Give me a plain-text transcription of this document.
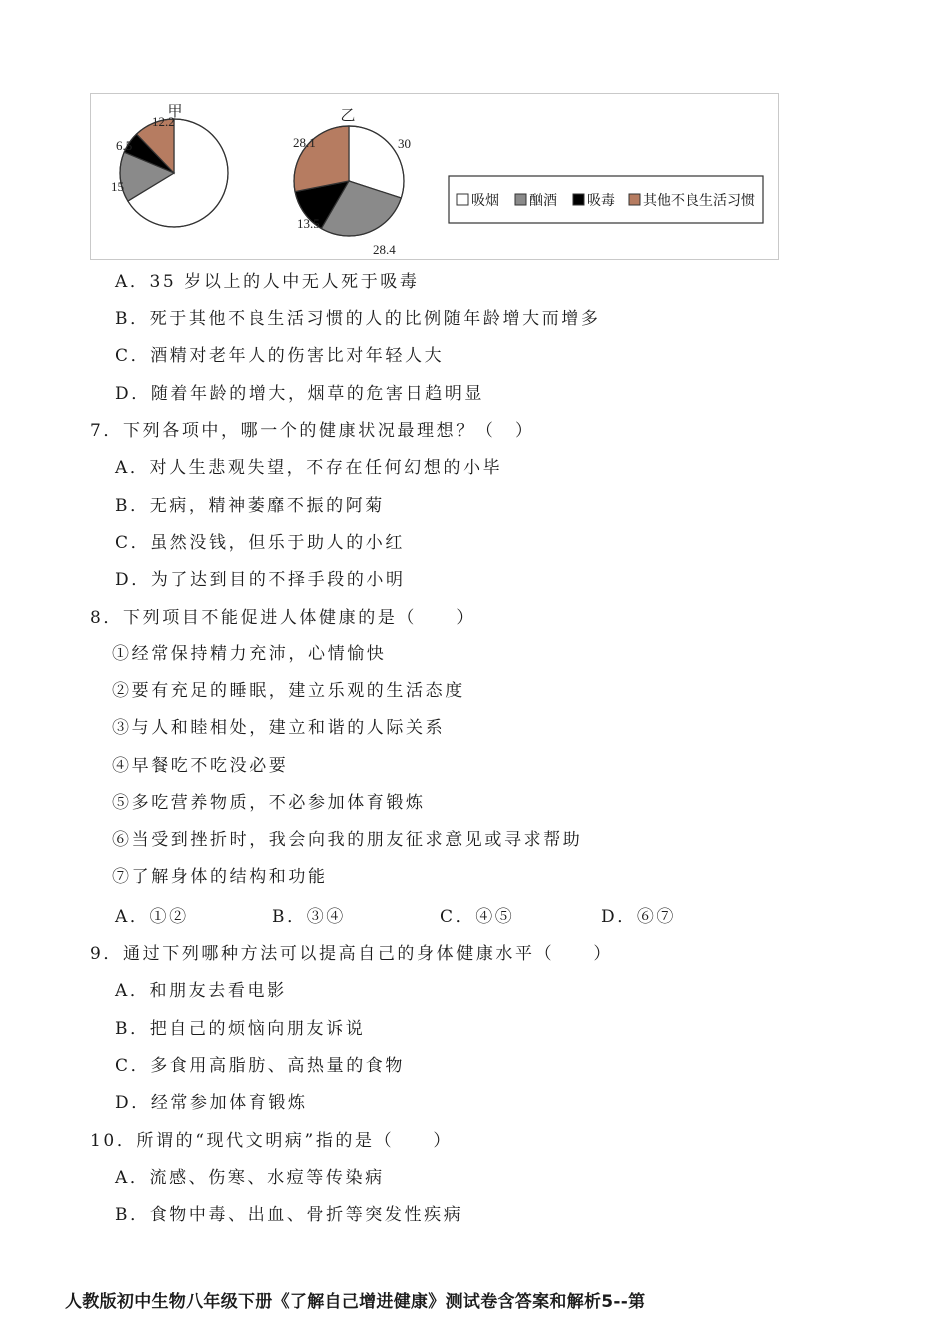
甲
15
6.5
12.2	乙
30
28.4
13.5
28.1
吸烟 酗酒 吸毒 其他不良生活习惯
A．35 岁以上的人中无人死于吸毒
B．死于其他不良生活习惯的人的比例随年龄增大而增多
C．酒精对老年人的伤害比对年轻人大
D．随着年龄的增大，烟草的危害日趋明显
7．下列各项中，哪一个的健康状况最理想？（　）
A．对人生悲观失望，不存在任何幻想的小毕
B．无病，精神萎靡不振的阿菊
C．虽然没钱，但乐于助人的小红
D．为了达到目的不择手段的小明
8．下列项目不能促进人体健康的是（　　）
①经常保持精力充沛，心情愉快
②要有充足的睡眠，建立乐观的生活态度
③与人和睦相处，建立和谐的人际关系
④早餐吃不吃没必要
⑤多吃营养物质，不必参加体育锻炼
⑥当受到挫折时，我会向我的朋友征求意见或寻求帮助
⑦了解身体的结构和功能
A．①②	B．③④	C．④⑤	D．⑥⑦
9．通过下列哪种方法可以提高自己的身体健康水平（　　）
A．和朋友去看电影
B．把自己的烦恼向朋友诉说
C．多食用高脂肪、高热量的食物
D．经常参加体育锻炼
10．所谓的“现代文明病”指的是（　　）
A．流感、伤寒、水痘等传染病
B．食物中毒、出血、骨折等突发性疾病
人教版初中生物八年级下册《了解自己增进健康》测试卷含答案和解析5--第
